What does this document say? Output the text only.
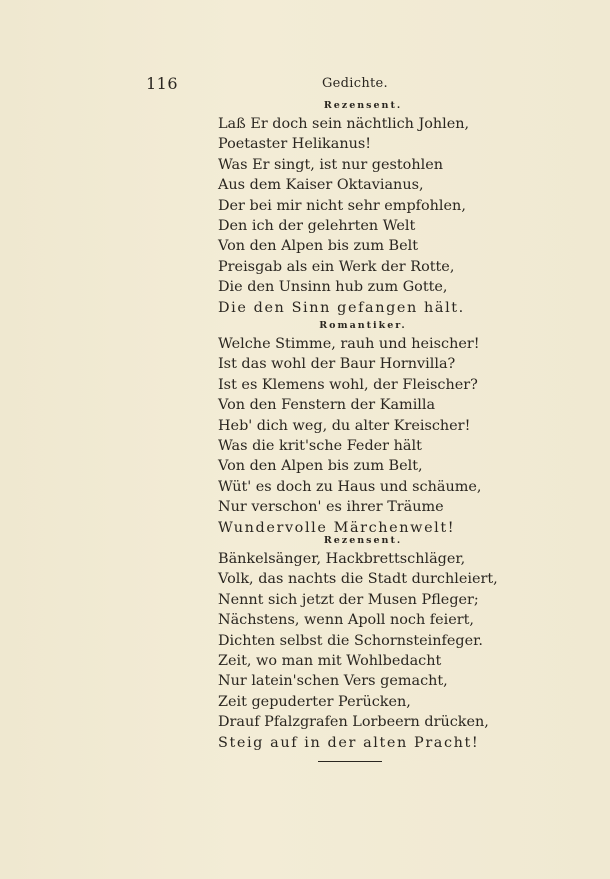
116	Gedichte.
Rezensent.
Laß Er doch sein nächtlich Johlen,
Poetaster Helikanus!
Was Er singt, ist nur gestohlen
Aus dem Kaiser Oktavianus,
Der bei mir nicht sehr empfohlen,
Den ich der gelehrten Welt
Von den Alpen bis zum Belt
Preisgab als ein Werk der Rotte,
Die den Unsinn hub zum Gotte,
Die den Sinn gefangen hält.
Romantiker.
Welche Stimme, rauh und heischer!
Ist das wohl der Baur Hornvilla?
Ist es Klemens wohl, der Fleischer?
Von den Fenstern der Kamilla
Heb' dich weg, du alter Kreischer!
Was die krit'sche Feder hält
Von den Alpen bis zum Belt,
Wüt' es doch zu Haus und schäume,
Nur verschon' es ihrer Träume
Wundervolle Märchenwelt!
Rezensent.
Bänkelsänger, Hackbrettschläger,
Volk, das nachts die Stadt durchleiert,
Nennt sich jetzt der Musen Pfleger;
Nächstens, wenn Apoll noch feiert,
Dichten selbst die Schornsteinfeger.
Zeit, wo man mit Wohlbedacht
Nur latein'schen Vers gemacht,
Zeit gepuderter Perücken,
Drauf Pfalzgrafen Lorbeern drücken,
Steig auf in der alten Pracht!
